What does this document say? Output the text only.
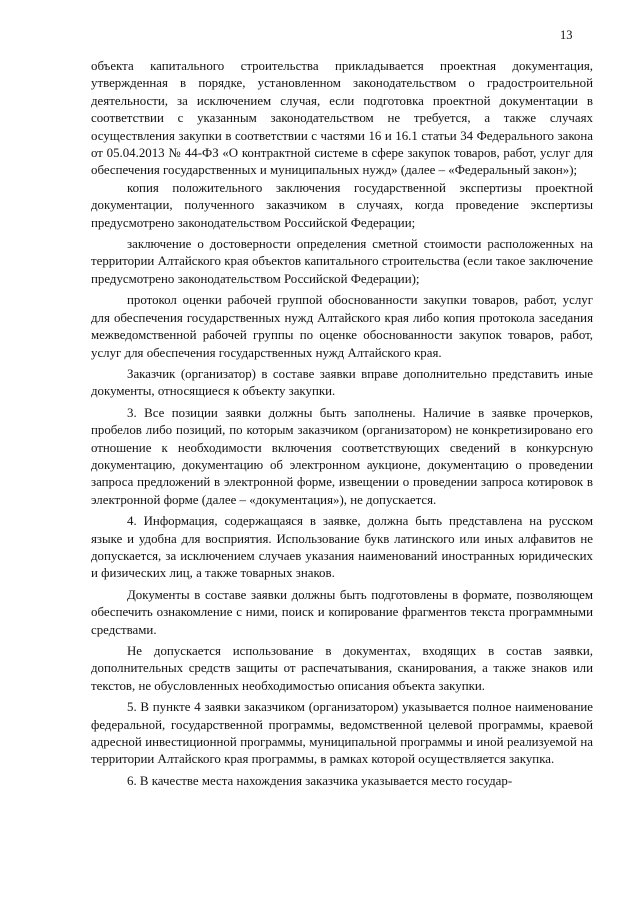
13

объекта капитального строительства прикладывается проектная документация, утвержденная в порядке, установленном законодательством о градостроительной деятельности, за исключением случая, если подготовка проектной документации в соответствии с указанным законодательством не требуется, а также случаях осуществления закупки в соответствии с частями 16 и 16.1 статьи 34 Федерального закона от 05.04.2013 № 44-ФЗ «О контрактной системе в сфере закупок товаров, работ, услуг для обеспечения государственных и муниципальных нужд» (далее – «Федеральный закон»);

копия положительного заключения государственной экспертизы проектной документации, полученного заказчиком в случаях, когда проведение экспертизы предусмотрено законодательством Российской Федерации;

заключение о достоверности определения сметной стоимости расположенных на территории Алтайского края объектов капитального строительства (если такое заключение предусмотрено законодательством Российской Федерации);

протокол оценки рабочей группой обоснованности закупки товаров, работ, услуг для обеспечения государственных нужд Алтайского края либо копия протокола заседания межведомственной рабочей группы по оценке обоснованности закупок товаров, работ, услуг для обеспечения государственных нужд Алтайского края.

Заказчик (организатор) в составе заявки вправе дополнительно представить иные документы, относящиеся к объекту закупки.

3. Все позиции заявки должны быть заполнены. Наличие в заявке прочерков, пробелов либо позиций, по которым заказчиком (организатором) не конкретизировано его отношение к необходимости включения соответствующих сведений в конкурсную документацию, документацию об электронном аукционе, документацию о проведении запроса предложений в электронной форме, извещении о проведении запроса котировок в электронной форме (далее – «документация»), не допускается.

4. Информация, содержащаяся в заявке, должна быть представлена на русском языке и удобна для восприятия. Использование букв латинского или иных алфавитов не допускается, за исключением случаев указания наименований иностранных юридических и физических лиц, а также товарных знаков.

Документы в составе заявки должны быть подготовлены в формате, позволяющем обеспечить ознакомление с ними, поиск и копирование фрагментов текста программными средствами.

Не допускается использование в документах, входящих в состав заявки, дополнительных средств защиты от распечатывания, сканирования, а также знаков или текстов, не обусловленных необходимостью описания объекта закупки.

5. В пункте 4 заявки заказчиком (организатором) указывается полное наименование федеральной, государственной программы, ведомственной целевой программы, краевой адресной инвестиционной программы, муниципальной программы и иной реализуемой на территории Алтайского края программы, в рамках которой осуществляется закупка.

6. В качестве места нахождения заказчика указывается место государ-
